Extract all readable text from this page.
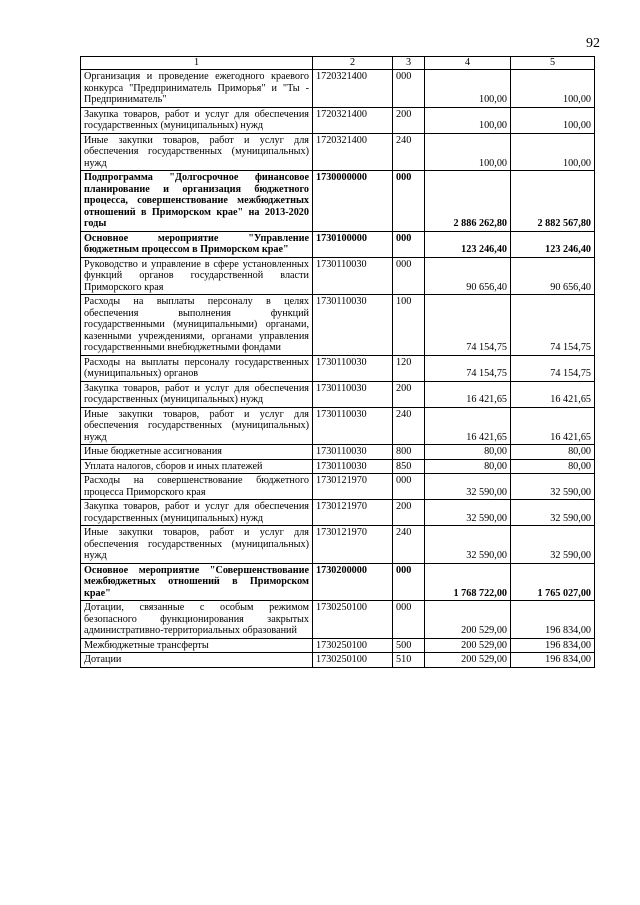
92
1	2	3	4	5
Организация и проведение ежегодного краевого конкурса "Предприниматель Приморья" и "Ты - Предприниматель"	1720321400	000	100,00	100,00
Закупка товаров, работ и услуг для обеспечения государственных (муниципальных) нужд	1720321400	200	100,00	100,00
Иные закупки товаров, работ и услуг для обеспечения государственных (муниципальных) нужд	1720321400	240	100,00	100,00
Подпрограмма "Долгосрочное финансовое планирование и организация бюджетного процесса, совершенствование межбюджетных отношений в Приморском крае" на 2013-2020 годы	1730000000	000	2 886 262,80	2 882 567,80
Основное мероприятие "Управление бюджетным процессом в Приморском крае"	1730100000	000	123 246,40	123 246,40
Руководство и управление в сфере установленных функций органов государственной власти Приморского края	1730110030	000	90 656,40	90 656,40
Расходы на выплаты персоналу в целях обеспечения выполнения функций государственными (муниципальными) органами, казенными учреждениями, органами управления государственными внебюджетными фондами	1730110030	100	74 154,75	74 154,75
Расходы на выплаты персоналу государственных (муниципальных) органов	1730110030	120	74 154,75	74 154,75
Закупка товаров, работ и услуг для обеспечения государственных (муниципальных) нужд	1730110030	200	16 421,65	16 421,65
Иные закупки товаров, работ и услуг для обеспечения государственных (муниципальных) нужд	1730110030	240	16 421,65	16 421,65
Иные бюджетные ассигнования	1730110030	800	80,00	80,00
Уплата налогов, сборов и иных платежей	1730110030	850	80,00	80,00
Расходы на совершенствование бюджетного процесса Приморского края	1730121970	000	32 590,00	32 590,00
Закупка товаров, работ и услуг для обеспечения государственных (муниципальных) нужд	1730121970	200	32 590,00	32 590,00
Иные закупки товаров, работ и услуг для обеспечения государственных (муниципальных) нужд	1730121970	240	32 590,00	32 590,00
Основное мероприятие "Совершенствование межбюджетных отношений в Приморском крае"	1730200000	000	1 768 722,00	1 765 027,00
Дотации, связанные с особым режимом безопасного функционирования закрытых административно-территориальных образований	1730250100	000	200 529,00	196 834,00
Межбюджетные трансферты	1730250100	500	200 529,00	196 834,00
Дотации	1730250100	510	200 529,00	196 834,00
